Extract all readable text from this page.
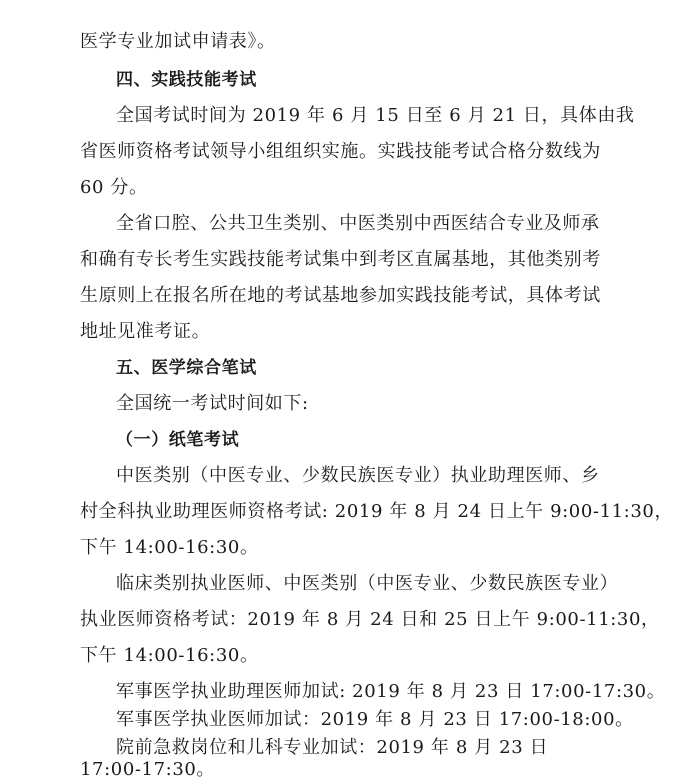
医学专业加试申请表》。
四、实践技能考试
全国考试时间为 2019 年 6 月 15 日至 6 月 21 日，具体由我
省医师资格考试领导小组组织实施。实践技能考试合格分数线为
60 分。
全省口腔、公共卫生类别、中医类别中西医结合专业及师承
和确有专长考生实践技能考试集中到考区直属基地，其他类别考
生原则上在报名所在地的考试基地参加实践技能考试，具体考试
地址见准考证。
五、医学综合笔试
全国统一考试时间如下:
（一）纸笔考试
中医类别（中医专业、少数民族医专业）执业助理医师、乡
村全科执业助理医师资格考试: 2019 年 8 月 24 日上午 9:00-11:30，
下午 14:00-16:30。
临床类别执业医师、中医类别（中医专业、少数民族医专业）
执业医师资格考试：2019 年 8 月 24 日和 25 日上午 9:00-11:30，
下午 14:00-16:30。
军事医学执业助理医师加试: 2019 年 8 月 23 日 17:00-17:30。
军事医学执业医师加试：2019 年 8 月 23 日 17:00-18:00。
院前急救岗位和儿科专业加试：2019 年 8 月 23 日
17:00-17:30。
